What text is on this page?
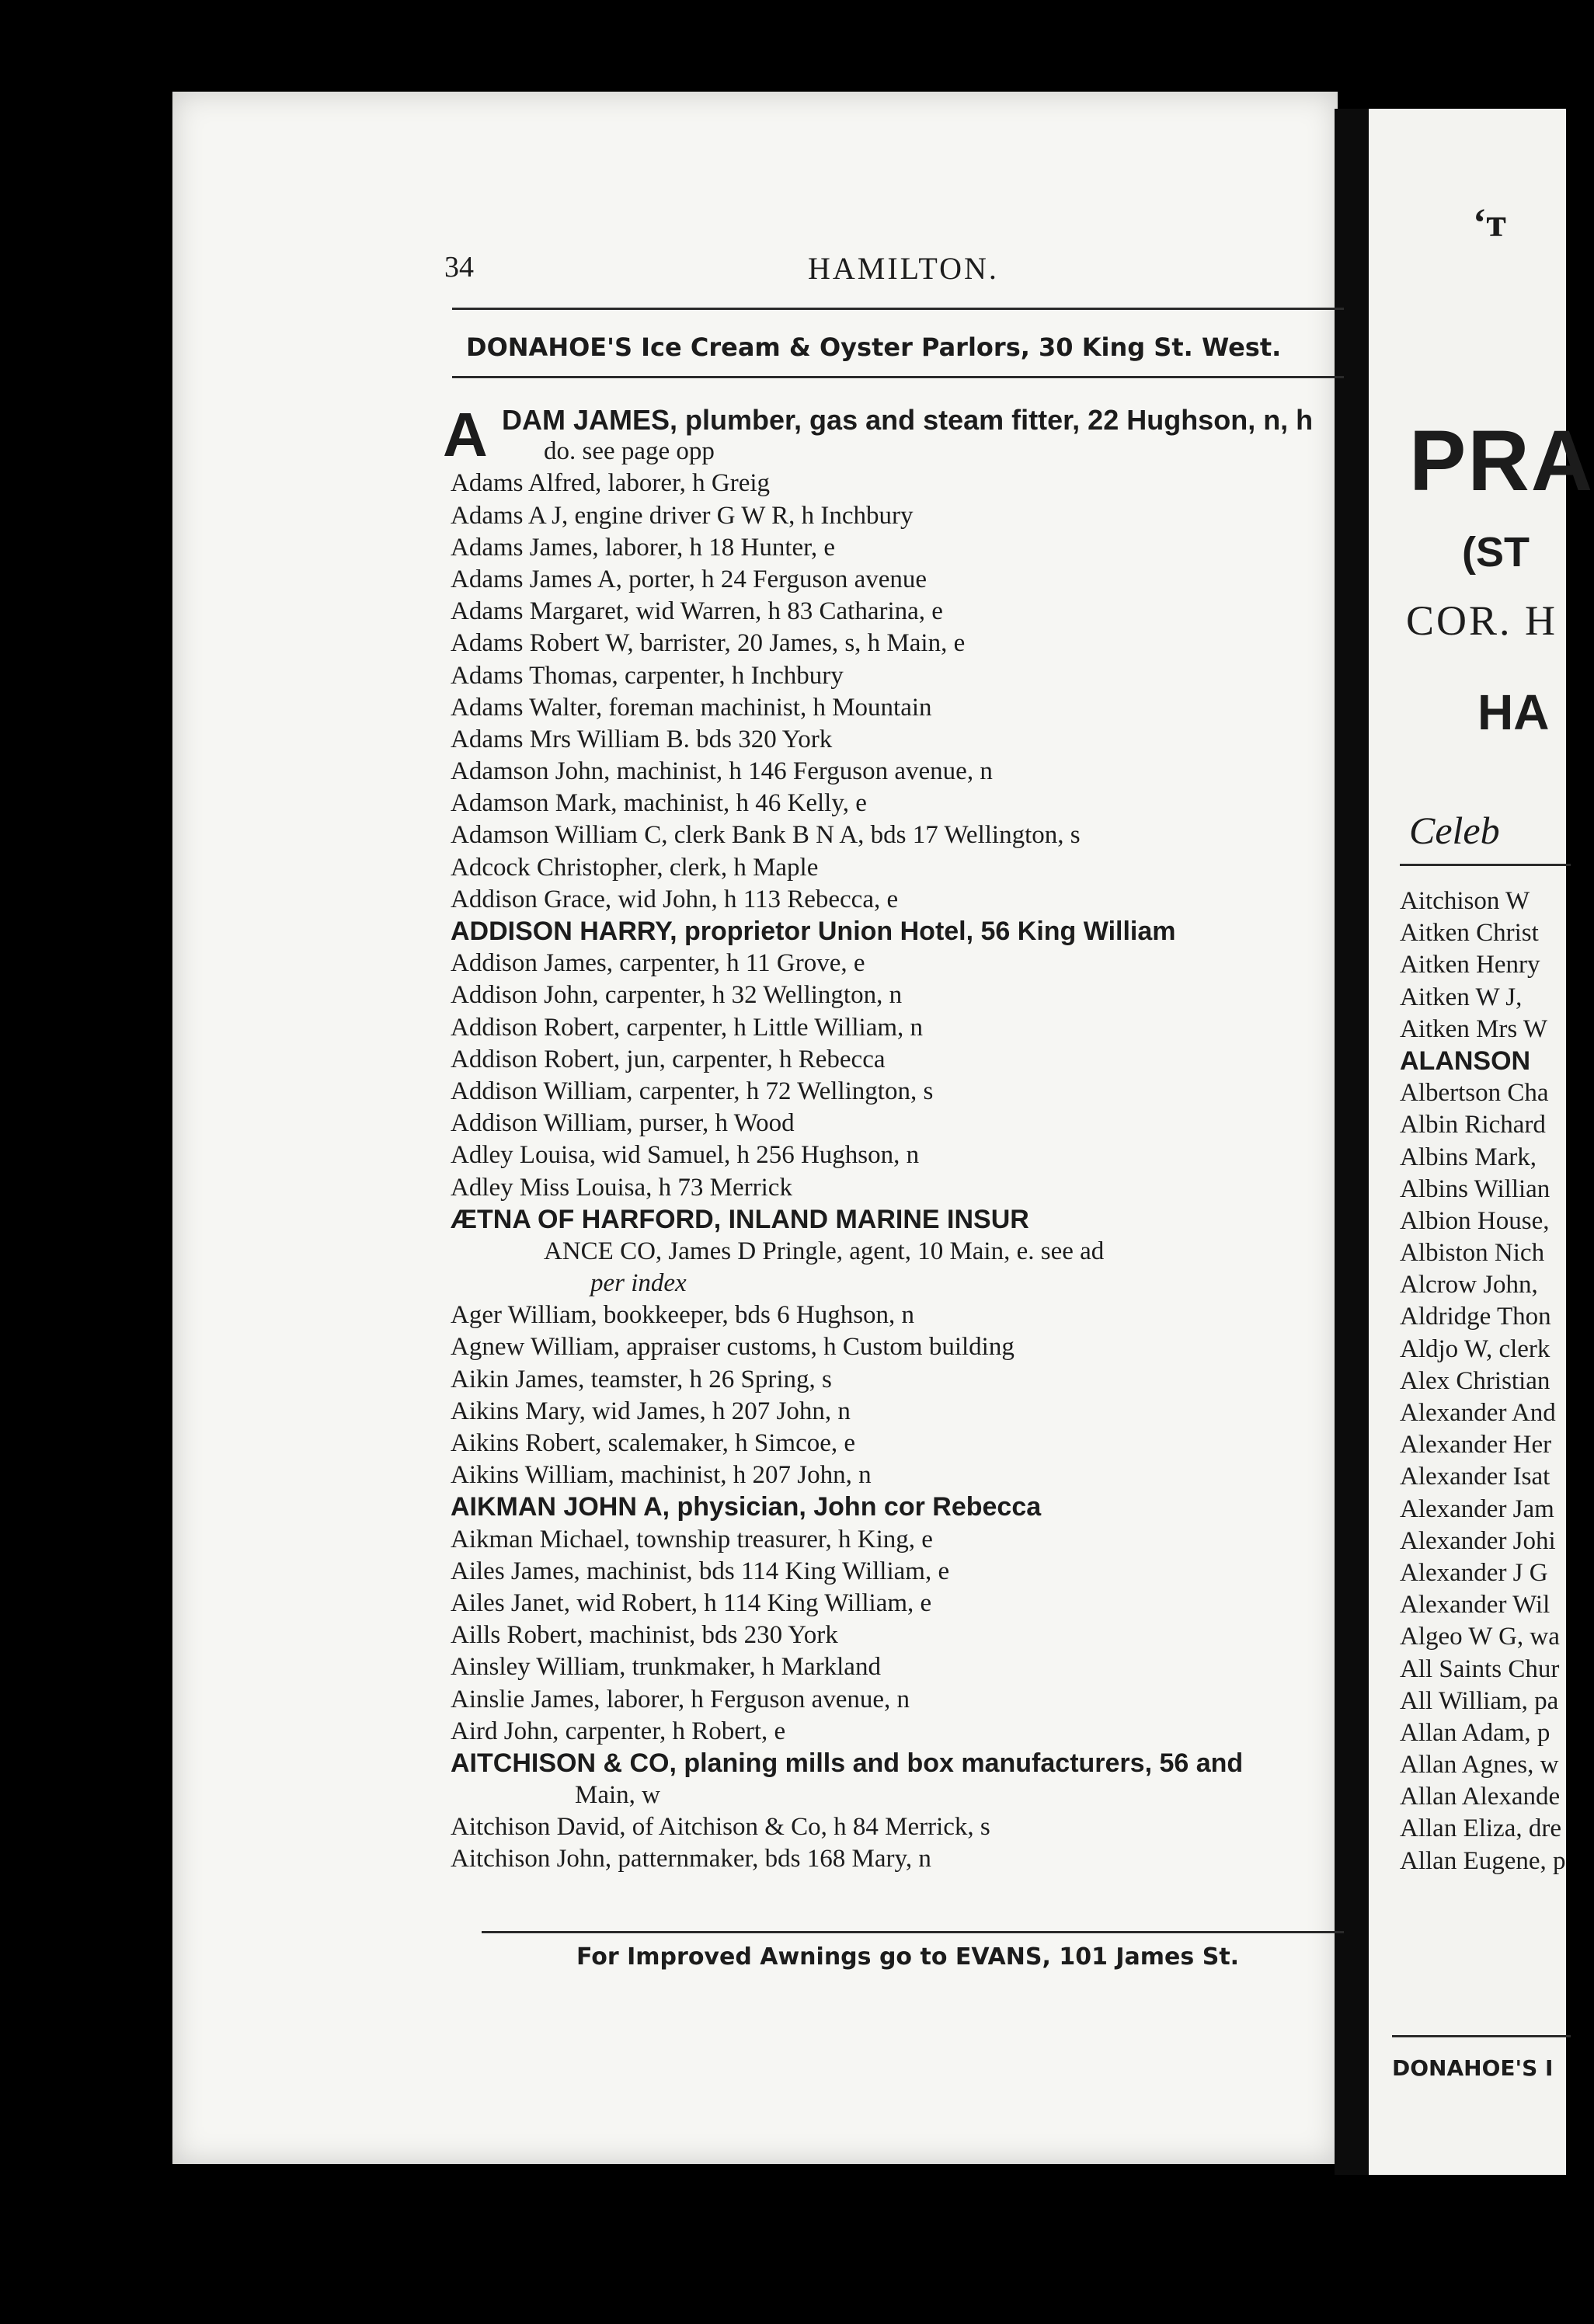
‘т
PRA
(ST
COR. H
HA
Celeb
Aitchison W
Aitken Christ
Aitken Henry
Aitken W J,
Aitken Mrs W
ALANSON
Albertson Cha
Albin Richard
Albins Mark,
Albins Willian
Albion House,
Albiston Nich
Alcrow John,
Aldridge Thon
Aldjo W, clerk
Alex Christian
Alexander And
Alexander Her
Alexander Isat
Alexander Jam
Alexander Johi
Alexander J G
Alexander Wil
Algeo W G, wa
All Saints Chur
All William, pa
Allan Adam, p
Allan Agnes, w
Allan Alexande
Allan Eliza, dre
Allan Eugene, p
DONAHOE'S I
34	HAMILTON.
DONAHOE'S Ice Cream & Oyster Parlors, 30 King St. West.
A DAM JAMES, plumber, gas and steam fitter, 22 Hughson, n, h
do. see page opp
Adams Alfred, laborer, h Greig
Adams A J, engine driver G W R, h Inchbury
Adams James, laborer, h 18 Hunter, e
Adams James A, porter, h 24 Ferguson avenue
Adams Margaret, wid Warren, h 83 Catharina, e
Adams Robert W, barrister, 20 James, s, h Main, e
Adams Thomas, carpenter, h Inchbury
Adams Walter, foreman machinist, h Mountain
Adams Mrs William B. bds 320 York
Adamson John, machinist, h 146 Ferguson avenue, n
Adamson Mark, machinist, h 46 Kelly, e
Adamson William C, clerk Bank B N A, bds 17 Wellington, s
Adcock Christopher, clerk, h Maple
Addison Grace, wid John, h 113 Rebecca, e
ADDISON HARRY, proprietor Union Hotel, 56 King William
Addison James, carpenter, h 11 Grove, e
Addison John, carpenter, h 32 Wellington, n
Addison Robert, carpenter, h Little William, n
Addison Robert, jun, carpenter, h Rebecca
Addison William, carpenter, h 72 Wellington, s
Addison William, purser, h Wood
Adley Louisa, wid Samuel, h 256 Hughson, n
Adley Miss Louisa, h 73 Merrick
ÆTNA OF HARFORD, INLAND MARINE INSUR
ANCE CO, James D Pringle, agent, 10 Main, e. see ad
per index
Ager William, bookkeeper, bds 6 Hughson, n
Agnew William, appraiser customs, h Custom building
Aikin James, teamster, h 26 Spring, s
Aikins Mary, wid James, h 207 John, n
Aikins Robert, scalemaker, h Simcoe, e
Aikins William, machinist, h 207 John, n
AIKMAN JOHN A, physician, John cor Rebecca
Aikman Michael, township treasurer, h King, e
Ailes James, machinist, bds 114 King William, e
Ailes Janet, wid Robert, h 114 King William, e
Aills Robert, machinist, bds 230 York
Ainsley William, trunkmaker, h Markland
Ainslie James, laborer, h Ferguson avenue, n
Aird John, carpenter, h Robert, e
AITCHISON & CO, planing mills and box manufacturers, 56 and
Main, w
Aitchison David, of Aitchison & Co, h 84 Merrick, s
Aitchison John, patternmaker, bds 168 Mary, n
For Improved Awnings go to EVANS, 101 James St.
